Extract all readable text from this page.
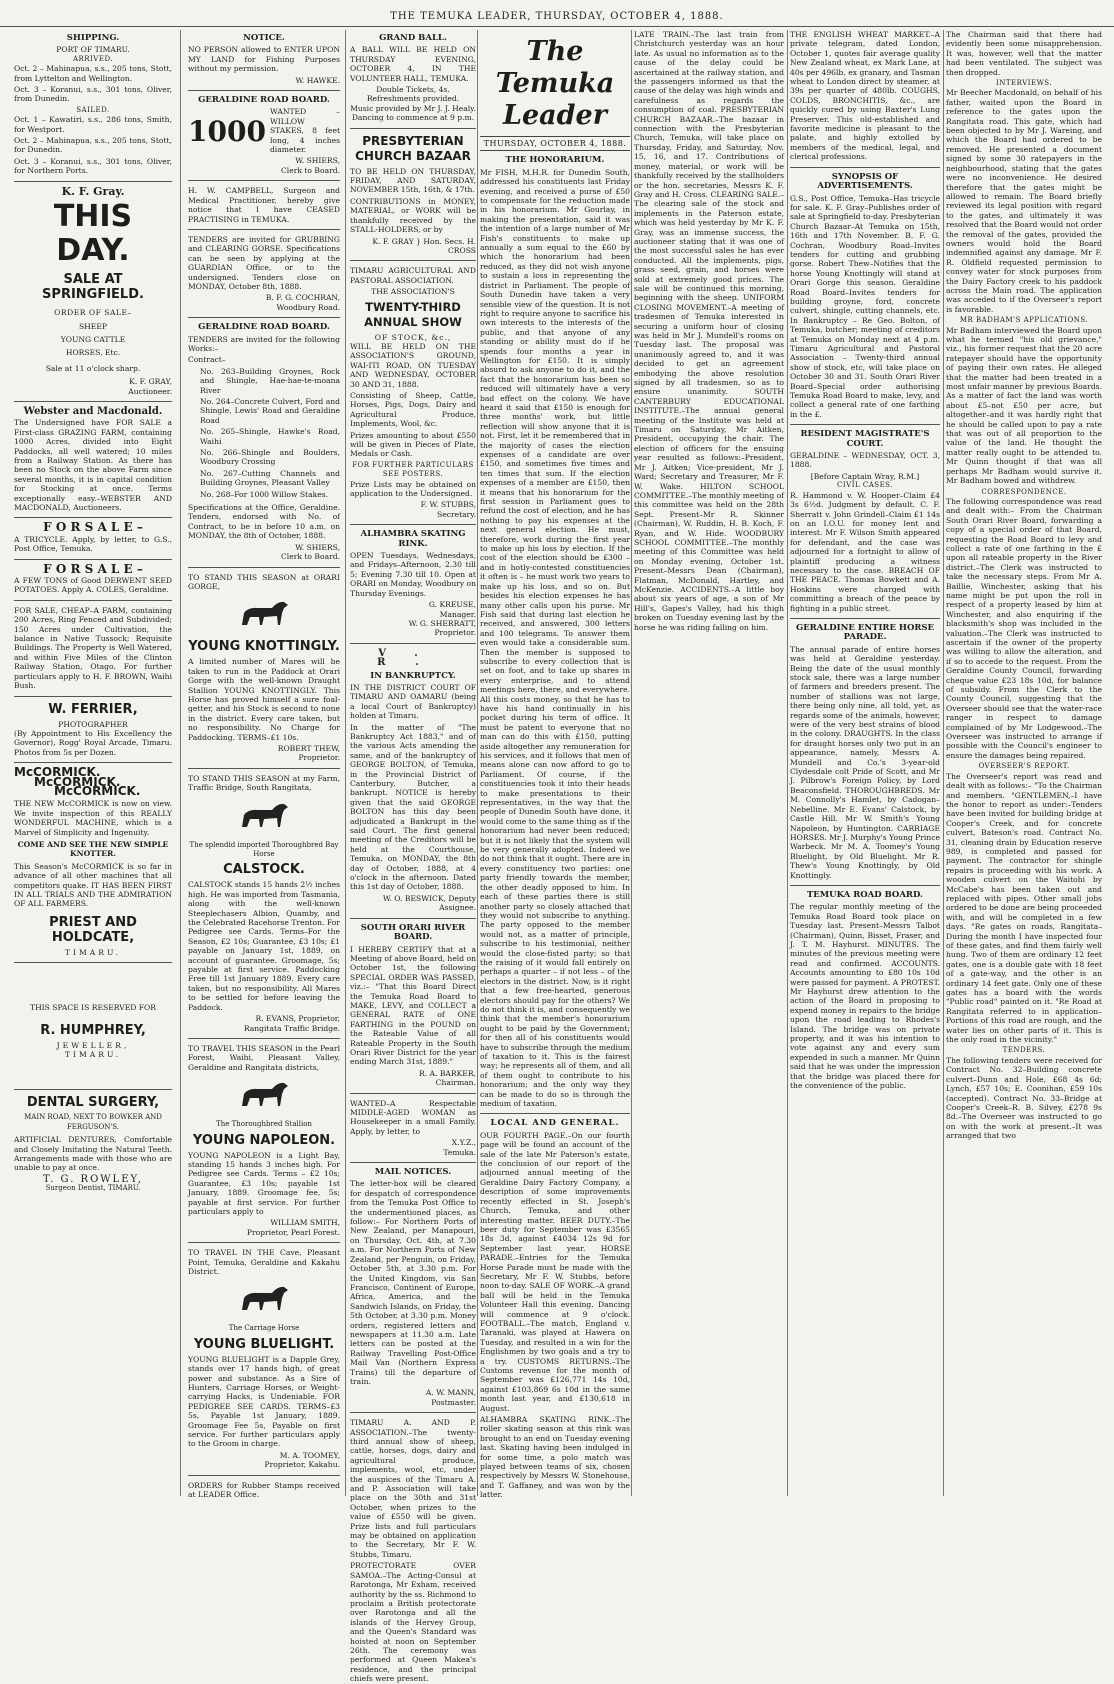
THE TEMUKA LEADER, THURSDAY, OCTOBER 4, 1888.
SHIPPING.
PORT OF TIMARU.
ARRIVED.
Oct. 2 – Mahinapua, s.s., 205 tons, Stott, from Lyttelton and Wellington.
Oct. 3 – Koranui, s.s., 301 tons, Oliver, from Dunedin.
SAILED.
Oct. 1 – Kawatiri, s.s., 286 tons, Smith, for Westport.
Oct. 2 – Mahinapua, s.s., 205 tons, Stott, for Dunedin.
Oct. 3 – Koranui, s.s., 301 tons, Oliver, for Northern Ports.
K. F. Gray.
THIS DAY.
SALE AT SPRINGFIELD.
ORDER OF SALE–
SHEEP
YOUNG CATTLE
HORSES, Etc.
Sale at 11 o'clock sharp.
K. F. GRAY,
Auctioneer.
Webster and Macdonald.
The Undersigned have FOR SALE a First-class GRAZING FARM, containing 1000 Acres, divided into Eight Paddocks, all well watered; 10 miles from a Railway Station. As there has been no Stock on the above Farm since several months, it is in capital condition for Stocking at once. Terms exceptionally easy.–WEBSTER AND MACDONALD, Auctioneers.
F O R S A L E –
A TRICYCLE. Apply, by letter, to G.S., Post Office, Temuka.
F O R S A L E –
A FEW TONS of Good DERWENT SEED POTATOES. Apply A. COLES, Geraldine.
FOR SALE, CHEAP–A FARM, containing 200 Acres, Ring Fenced and Subdivided; 150 Acres under Cultivation, the balance in Native Tussock; Requisite Buildings. The Property is Well Watered, and within Five Miles of the Clinton Railway Station, Otago. For further particulars apply to H. F. BROWN, Waihi Bush.
W. FERRIER,
PHOTOGRAPHER
(By Appointment to His Excellency the Governor), Rogg' Royal Arcade, Timaru. Photos from 5s per Dozen.
McCORMICK.
McCORMICK.
McCORMICK.
THE NEW McCORMICK is now on view. We invite inspection of this REALLY WONDERFUL MACHINE, which is a Marvel of Simplicity and Ingenuity.
COME AND SEE THE NEW SIMPLE KNOTTER.
This Season's McCORMICK is so far in advance of all other machines that all competitors quake. IT HAS BEEN FIRST IN ALL TRIALS AND THE ADMIRATION OF ALL FARMERS.
PRIEST AND HOLDCATE,
TIMARU.
THIS SPACE IS RESERVED FOR
R. HUMPHREY,
JEWELLER,
TIMARU.
DENTAL SURGERY,
MAIN ROAD, NEXT TO BOWKER AND FERGUSON'S.
ARTIFICIAL DENTURES, Comfortable and Closely Imitating the Natural Teeth. Arrangements made with those who are unable to pay at once.
T. G. ROWLEY,
Surgeon Dentist, TIMARU.
NOTICE.
NO PERSON allowed to ENTER UPON MY LAND for Fishing Purposes without my permission.
W. HAWKE.
GERALDINE ROAD BOARD.
1000
WANTED – WILLOW STAKES, 8 feet long, 4 inches diameter.
W. SHIERS,
Clerk to Board.
H. W. CAMPBELL, Surgeon and Medical Practitioner, hereby give notice that I have CEASED PRACTISING in TEMUKA.
TENDERS are invited for GRUBBING and CLEARING GORSE. Specifications can be seen by applying at the GUARDIAN Office, or to the undersigned. Tenders close on MONDAY, October 8th, 1888.
B. F. G. COCHRAN,
Woodbury Road.
GERALDINE ROAD BOARD.
TENDERS are invited for the following Works:–
Contract–
No. 263–Building Groynes, Rock and Shingle, Hae-hae-te-moana River
No. 264–Concrete Culvert, Ford and Shingle, Lewis' Road and Geraldine Road
No. 265–Shingle, Hawke's Road, Waihi
No. 266–Shingle and Boulders, Woodbury Crossing
No. 267–Cutting Channels and Building Groynes, Pleasant Valley
No. 268–For 1000 Willow Stakes.
Specifications at the Office, Geraldine. Tenders, endorsed with No. of Contract, to be in before 10 a.m. on MONDAY, the 8th of October, 1888.
W. SHIERS,
Clerk to Board.
TO STAND THIS SEASON at ORARI GORGE,
YOUNG KNOTTINGLY.
A limited number of Mares will be taken to run in the Paddock at Orari Gorge with the well-known Draught Stallion YOUNG KNOTTINGLY. This Horse has proved himself a sure foal-getter, and his Stock is second to none in the district. Every care taken, but no responsibility. No Charge for Paddocking. TERMS–£1 10s.
ROBERT THEW,
Proprietor.
TO STAND THIS SEASON at my Farm, Traffic Bridge, South Rangitata,
The splendid imported Thoroughbred Bay Horse
CALSTOCK.
CALSTOCK stands 15 hands 2½ inches high. He was imported from Tasmania, along with the well-known Steeplechasers Albion, Quamby, and the Celebrated Racehorse Trenton. For Pedigree see Cards. Terms–For the Season, £2 10s; Guarantee, £3 10s; £1 payable on January 1st, 1889, on account of guarantee. Groomage, 5s; payable at first service. Paddocking Free till 1st January 1889. Every care taken, but no responsibility. All Mares to be settled for before leaving the Paddock.
R. EVANS, Proprietor,
Rangitata Traffic Bridge.
TO TRAVEL THIS SEASON in the Pearl Forest, Waihi, Pleasant Valley, Geraldine and Rangitata districts,
The Thoroughbred Stallion
YOUNG NAPOLEON.
YOUNG NAPOLEON is a Light Bay, standing 15 hands 3 inches high. For Pedigree see Cards. Terms – £2 10s; Guarantee, £3 10s; payable 1st January, 1889. Groomage fee, 5s; payable at first service. For further particulars apply to
WILLIAM SMITH,
Proprietor, Pearl Forest.
TO TRAVEL IN THE Cave, Pleasant Point, Temuka, Geraldine and Kakahu District.
The Carriage Horse
YOUNG BLUELIGHT.
YOUNG BLUELIGHT is a Dapple Grey, stands over 17 hands high, of great power and substance. As a Sire of Hunters, Carriage Horses, or Weight-carrying Hacks, is Undeniable. FOR PEDIGREE SEE CARDS. TERMS–£3 5s, Payable 1st January, 1889. Groomage Fee 5s, Payable on first service. For further particulars apply to the Groom in charge.
M. A. TOOMEY,
Proprietor, Kakahu.
ORDERS for Rubber Stamps received at LEADER Office.
GRAND BALL.
A BALL WILL BE HELD ON THURSDAY EVENING, OCTOBER 4, IN THE VOLUNTEER HALL, TEMUKA.
Double Tickets, 4s.
Refreshments provided.
Music provided by Mr J. J. Healy.
Dancing to commence at 9 p.m.
PRESBYTERIAN CHURCH BAZAAR
TO BE HELD ON THURSDAY, FRIDAY, AND SATURDAY, NOVEMBER 15th, 16th, & 17th.
CONTRIBUTIONS in MONEY, MATERIAL, or WORK will be thankfully received by the STALL-HOLDERS, or by
K. F. GRAY } Hon. Secs. H. CROSS
TIMARU AGRICULTURAL AND PASTORAL ASSOCIATION.
THE ASSOCIATION'S
TWENTY-THIRD ANNUAL SHOW
OF STOCK, &c.,
WILL BE HELD ON THE ASSOCIATION'S GROUND, WAI-ITI ROAD, ON TUESDAY AND WEDNESDAY, OCTOBER 30 AND 31, 1888.
Consisting of Sheep, Cattle, Horses, Pigs, Dogs, Dairy and Agricultural Produce, Implements, Wool, &c.
Prizes amounting to about £550 will be given in Pieces of Plate, Medals or Cash.
FOR FURTHER PARTICULARS SEE POSTERS.
Prize Lists may be obtained on application to the Undersigned.
F. W. STUBBS,
Secretary.
ALHAMBRA SKATING RINK.
OPEN Tuesdays, Wednesdays, and Fridays–Afternoon, 2.30 till 5; Evening 7.30 till 10. Open at ORARI on Monday, Woodbury on Thursday Evenings.
G. KREUSE,
Manager.
W. G. SHERRATT,
Proprietor.
V. R.
IN BANKRUPTCY.
IN THE DISTRICT COURT OF TIMARU AND OAMARU (being a local Court of Bankruptcy) holden at Timaru.
In the matter of "The Bankruptcy Act 1883," and of the various Acts amending the same, and of the bankruptcy of GEORGE BOLTON, of Temuka, in the Provincial District of Canterbury, Butcher, a bankrupt. NOTICE is hereby given that the said GEORGE BOLTON has this day been adjudicated a Bankrupt in the said Court. The first general meeting of the Creditors will be held at the Courthouse, Temuka, on MONDAY, the 8th day of October, 1888, at 4 o'clock in the afternoon. Dated this 1st day of October, 1888.
W. O. BESWICK, Deputy Assignee.
SOUTH ORARI RIVER BOARD.
I HEREBY CERTIFY that at a Meeting of above Board, held on October 1st, the following SPECIAL ORDER WAS PASSED, viz.:– "That this Board Direct the Temuka Road Board to MAKE, LEVY, and COLLECT a GENERAL RATE of ONE FARTHING in the POUND on the Rateable Value of all Rateable Property in the South Orari River District for the year ending March 31st, 1889."
R. A. BARKER,
Chairman.
WANTED–A Respectable MIDDLE-AGED WOMAN as Housekeeper in a small Family. Apply, by letter, to
X.Y.Z.,
Temuka.
MAIL NOTICES.
The letter-box will be cleared for despatch of correspondence from the Temuka Post Office to the undermentioned places, as follow:– For Northern Ports of New Zealand, per Manapouri, on Thursday, Oct. 4th, at 7.30 a.m. For Northern Ports of New Zealand, per Penguin, on Friday, October 5th, at 3.30 p.m. For the United Kingdom, via San Francisco, Continent of Europe, Africa, America, and the Sandwich Islands, on Friday, the 5th October, at 3.30 p.m. Money orders, registered letters and newspapers at 11.30 a.m. Late letters can be posted at the Railway Travelling Post-Office Mail Van (Northern Express Trains) till the departure of train.
A. W. MANN,
Postmaster.
TIMARU A. AND P. ASSOCIATION.–The twenty-third annual show of sheep, cattle, horses, dogs, dairy and agricultural produce, implements, wool, etc, under the auspices of the Timaru A. and P. Association will take place on the 30th and 31st October, when prizes to the value of £550 will be given. Prize lists and full particulars may be obtained on application to the Secretary, Mr F. W. Stubbs, Timaru.
PROTECTORATE OVER SAMOA.–The Acting-Consul at Rarotonga, Mr Exham, received authority by the ss. Richmond to proclaim a British protectorate over Rarotonga and all the islands of the Hervey Group, and the Queen's Standard was hoisted at noon on September 26th. The ceremony was performed at Queen Makea's residence, and the principal chiefs were present.
The Temuka Leader
THURSDAY, OCTOBER 4, 1888.
THE HONORARIUM.
Mr FISH, M.H.R. for Dunedin South, addressed his constituents last Friday evening, and received a purse of £50 to compensate for the reduction made in his honorarium. Mr Gourlay, in making the presentation, said it was the intention of a large number of Mr Fish's constituents to make up annually a sum equal to the £60 by which the honorarium had been reduced, as they did not wish anyone to sustain a loss in representing the district in Parliament. The people of South Dunedin have taken a very sensible view of the question. It is not right to require anyone to sacrifice his own interests to the interests of the public, and that anyone of any standing or ability must do if he spends four months a year in Wellington for £150. It is simply absurd to ask anyone to do it, and the fact that the honorarium has been so reduced will ultimately have a very bad effect on the colony. We have heard it said that £150 is enough for three months' work, but little reflection will show anyone that it is not. First, let it be remembered that in the majority of cases the election expenses of a candidate are over £150, and sometimes five times and ten times that sum. If the election expenses of a member are £150, then it means that his honorarium for the first session in Parliament goes to refund the cost of election, and he has nothing to pay his expenses at the next general election. He must, therefore, work during the first year to make up his loss by election. If the cost of the election should be £300 – and in hotly-contested constituencies it often is – he must work two years to make up his loss, and so on. But besides his election expenses he has many other calls upon his purse. Mr Fish said that during last election he received, and answered, 300 letters and 100 telegrams. To answer them even would take a considerable sum. Then the member is supposed to subscribe to every collection that is set on foot, and to take up shares in every enterprise, and to attend meetings here, there, and everywhere. All this costs money, so that he has to have his hand continually in his pocket during his term of office. It must be patent to everyone that no man can do this with £150, putting aside altogether any remuneration for his services, and it follows that men of means alone can now afford to go to Parliament. Of course, if the constituencies took it into their heads to make presentations to their representatives, in the way that the people of Dunedin South have done, it would come to the same thing as if the honorarium had never been reduced; but it is not likely that the system will be very generally adopted. Indeed we do not think that it ought. There are in every constituency two parties: one party friendly towards the member, the other deadly opposed to him. In each of these parties there is still another party so closely attached that they would not subscribe to anything. The party opposed to the member would not, as a matter of principle, subscribe to his testimonial, neither would the close-fisted party; so that the raising of it would fall entirely on perhaps a quarter – if not less – of the electors in the district. Now, is it right that a few free-hearted, generous electors should pay for the others? We do not think it is, and consequently we think that the member's honorarium ought to be paid by the Government; for then all of his constituents would have to subscribe through the medium of taxation to it. This is the fairest way; he represents all of them, and all of them ought to contribute to his honorarium; and the only way they can be made to do so is through the medium of taxation.
LOCAL AND GENERAL.
OUR FOURTH PAGE.–On our fourth page will be found an account of the sale of the late Mr Paterson's estate, the conclusion of our report of the adjourned annual meeting of the Geraldine Dairy Factory Company, a description of some improvements recently effected in St. Joseph's Church, Temuka, and other interesting matter. BEER DUTY.–The beer duty for September was £3565 18s 3d, against £4034 12s 9d for September last year. HORSE PARADE.–Entries for the Temuka Horse Parade must be made with the Secretary, Mr F. W. Stubbs, before noon to-day. SALE OF WORK.–A grand ball will be held in the Temuka Volunteer Hall this evening. Dancing will commence at 9 o'clock. FOOTBALL.–The match, England v. Taranaki, was played at Hawera on Tuesday, and resulted in a win for the Englishmen by two goals and a try to a try. CUSTOMS RETURNS.–The Customs revenue for the month of September was £126,771 14s 10d, against £103,869 6s 10d in the same month last year, and £130,618 in August.
ALHAMBRA SKATING RINK.–The roller skating season at this rink was brought to an end on Tuesday evening last. Skating having been indulged in for some time, a polo match was played between teams of six, chosen respectively by Messrs W. Stonehouse, and T. Gaffaney, and was won by the latter.
LATE TRAIN.–The last train from Christchurch yesterday was an hour late. As usual no information as to the cause of the delay could be ascertained at the railway station, and the passengers informed us that the cause of the delay was high winds and carefulness as regards the consumption of coal. PRESBYTERIAN CHURCH BAZAAR.–The bazaar in connection with the Presbyterian Church, Temuka, will take place on Thursday, Friday, and Saturday, Nov. 15, 16, and 17. Contributions of money, material, or work will be thankfully received by the stallholders or the hon. secretaries, Messrs K. F. Gray and H. Cross. CLEARING SALE.–The clearing sale of the stock and implements in the Paterson estate, which was held yesterday by Mr K. F. Gray, was an immense success, the auctioneer stating that it was one of the most successful sales he has ever conducted. All the implements, pigs, grass seed, grain, and horses were sold at extremely good prices. The sale will be continued this morning, beginning with the sheep. UNIFORM CLOSING MOVEMENT.–A meeting of tradesmen of Temuka interested in securing a uniform hour of closing was held in Mr J. Mundell's rooms on Tuesday last. The proposal was unanimously agreed to, and it was decided to get an agreement embodying the above resolution signed by all tradesmen, so as to ensure unanimity. SOUTH CANTERBURY EDUCATIONAL INSTITUTE.–The annual general meeting of the Institute was held at Timaru on Saturday, Mr Aitken, President, occupying the chair. The election of officers for the ensuing year resulted as follows:–President, Mr J. Aitken; Vice-president, Mr J. Ward; Secretary and Treasurer, Mr F. W. Wake. HILTON SCHOOL COMMITTEE.–The monthly meeting of this committee was held on the 28th Sept. Present–Mr R. Skinner (Chairman), W. Ruddin, H. B. Koch, F. Ryan, and W. Hide. WOODBURY SCHOOL COMMITTEE.–The monthly meeting of this Committee was held on Monday evening, October 1st. Present–Messrs Dean (Chairman), Flatman, McDonald, Hartley, and McKenzie. ACCIDENTS.–A little boy about six years of age, a son of Mr Hill's, Gapes's Valley, had his thigh broken on Tuesday evening last by the horse he was riding falling on him.
THE ENGLISH WHEAT MARKET.–A private telegram, dated London, October 1, quotes fair average quality New Zealand wheat, ex Mark Lane, at 40s per 496lb, ex granary, and Tasman wheat to London direct by steamer, at 39s per quarter of 480lb. COUGHS, COLDS, BRONCHITIS, &c., are quickly cured by using Baxter's Lung Preserver. This old-established and favorite medicine is pleasant to the palate, and highly extolled by members of the medical, legal, and clerical professions.
SYNOPSIS OF ADVERTISEMENTS.
G.S., Post Office, Temuka–Has tricycle for sale. K. F. Gray–Publishes order of sale at Springfield to-day. Presbyterian Church Bazaar–At Temuka on 15th, 16th and 17th November. B. F. G. Cochran, Woodbury Road–Invites tenders for cutting and grubbing gorse. Robert Thew–Notifies that the horse Young Knottingly will stand at Orari Gorge this season. Geraldine Road Board–Invites tenders for building groyne, ford, concrete culvert, shingle, cutting channels, etc. In Bankruptcy – Re Geo. Bolton, of Temuka, butcher; meeting of creditors at Temuka on Monday next at 4 p.m. Timaru Agricultural and Pastoral Association – Twenty-third annual show of stock, etc, will take place on October 30 and 31. South Orari River Board–Special order authorising Temuka Road Board to make, levy, and collect a general rate of one farthing in the £.
RESIDENT MAGISTRATE'S COURT.
GERALDINE – WEDNESDAY, OCT. 3, 1888.
[Before Captain Wray, R.M.]
CIVIL CASES.
R. Hammond v. W. Hooper–Claim £4 3s 6½d. Judgment by default. C. F. Sherratt v. John Grindell–Claim £1 14s on an I.O.U. for money lent and interest. Mr F. Wilson Smith appeared for defendant, and the case was adjourned for a fortnight to allow of plaintiff producing a witness necessary to the case. BREACH OF THE PEACE. Thomas Bowkett and A. Hoskins were charged with committing a breach of the peace by fighting in a public street.
GERALDINE ENTIRE HORSE PARADE.
The annual parade of entire horses was held at Geraldine yesterday. Being the date of the usual monthly stock sale, there was a large number of farmers and breeders present. The number of stallions was not large, there being only nine, all told, yet, as regards some of the animals, however, were of the very best strains of blood in the colony. DRAUGHTS. In the class for draught horses only two put in an appearance, namely, Messrs A. Mundell and Co.'s 3-year-old Clydesdale colt Pride of Scott, and Mr J. Pilbrow's Foreign Policy, by Lord Beaconsfield. THOROUGHBREDS. Mr M. Connolly's Hamlet, by Cadogan–Nebelline. Mr E. Evans' Calstock, by Castle Hill. Mr W. Smith's Young Napoleon, by Huntington. CARRIAGE HORSES. Mr J. Murphy's Young Prince Warbeck. Mr M. A. Toomey's Young Bluelight, by Old Bluelight. Mr R. Thew's Young Knottingly, by Old Knottingly.
TEMUKA ROAD BOARD.
The regular monthly meeting of the Temuka Road Board took place on Tuesday last. Present–Messrs Talbot (Chairman), Quinn, Bisset, Fraser, and J. T. M. Hayhurst. MINUTES. The minutes of the previous meeting were read and confirmed. ACCOUNTS. Accounts amounting to £80 10s 10d were passed for payment. A PROTEST. Mr Hayhurst drew attention to the action of the Board in proposing to expend money in repairs to the bridge upon the road leading to Rhodes's Island. The bridge was on private property, and it was his intention to vote against any and every sum expended in such a manner. Mr Quinn said that he was under the impression that the bridge was placed there for the convenience of the public.
The Chairman said that there had evidently been some misapprehension. It was, however, well that the matter had been ventilated. The subject was then dropped.
INTERVIEWS.
Mr Beecher Macdonald, on behalf of his father, waited upon the Board in reference to the gates upon the Rangitata road. This gate, which had been objected to by Mr J. Wareing, and which the Board had ordered to be removed. He presented a document signed by some 30 ratepayers in the neighbourhood, stating that the gates were no inconvenience. He desired therefore that the gates might be allowed to remain. The Board briefly reviewed its legal position with regard to the gates, and ultimately it was resolved that the Board would not order the removal of the gates, provided the owners would hold the Board indemnified against any damage. Mr F. R. Oldfield requested permission to convey water for stock purposes from the Dairy Factory creek to his paddock across the Main road. The application was acceded to if the Overseer's report is favorable.
MR BADHAM'S APPLICATIONS.
Mr Badham interviewed the Board upon what he termed "his old grievance," viz., his former request that the 20 acre ratepayer should have the opportunity of paying their own rates. He alleged that the matter had been treated in a most unfair manner by previous Boards. As a matter of fact the land was worth about £5–not £50 per acre, but altogether–and it was hardly right that he should be called upon to pay a rate that was out of all proportion to the value of the land. He thought the matter really ought to be attended to. Mr Quinn thought if that was all perhaps Mr Badham would survive it. Mr Badham bowed and withdrew.
CORRESPONDENCE.
The following correspondence was read and dealt with:– From the Chairman South Orari River Board, forwarding a copy of a special order of that Board, requesting the Road Board to levy and collect a rate of one farthing in the £ upon all rateable property in the River district.–The Clerk was instructed to take the necessary steps. From Mr A. Baillie, Winchester, asking that his name might be put upon the roll in respect of a property leased by him at Winchester, and also enquiring if the blacksmith's shop was included in the valuation.–The Clerk was instructed to ascertain if the owner of the property was willing to allow the alteration, and if so to accede to the request. From the Geraldine County Council, forwarding cheque value £23 18s 10d, for balance of subsidy. From the Clerk to the County Council, suggesting that the Overseer should see that the water-race ranger in respect to damage complained of by Mr Lodgewood.–The Overseer was instructed to arrange if possible with the Council's engineer to ensure the damages being repaired.
OVERSEER'S REPORT.
The Overseer's report was read and dealt with as follows:– "To the Chairman and members. "GENTLEMEN,–I have the honor to report as under:–Tenders have been invited for building bridge at Cooper's Creek, and for concrete culvert, Bateson's road. Contract No. 31, cleaning drain by Education reserve 989, is completed and passed for payment. The contractor for shingle repairs is proceeding with his work. A wooden culvert on the Waitohi by McCabe's has been taken out and replaced with pipes. Other small jobs ordered to be done are being proceeded with, and will be completed in a few days. "Re gates on roads, Rangitata–During the month I have inspected four of these gates, and find them fairly well hung. Two of them are ordinary 12 feet gates, one is a double gate with 18 feet of a gate-way, and the other is an ordinary 14 feet gate. Only one of these gates has a board with the words "Public road" painted on it. "Re Road at Rangitata referred to in application–Portions of this road are rough, and the water lies on other parts of it. This is the only road in the vicinity."
TENDERS.
The following tenders were received for Contract No. 32–Building concrete culvert–Dunn and Hole, £68 4s 6d; Lynch, £57 10s; E. Coonihan, £59 10s (accepted). Contract No. 33–Bridge at Cooper's Creek–R. B. Silvey, £278 9s 8d.–The Overseer was instructed to go on with the work at present.–It was arranged that two
